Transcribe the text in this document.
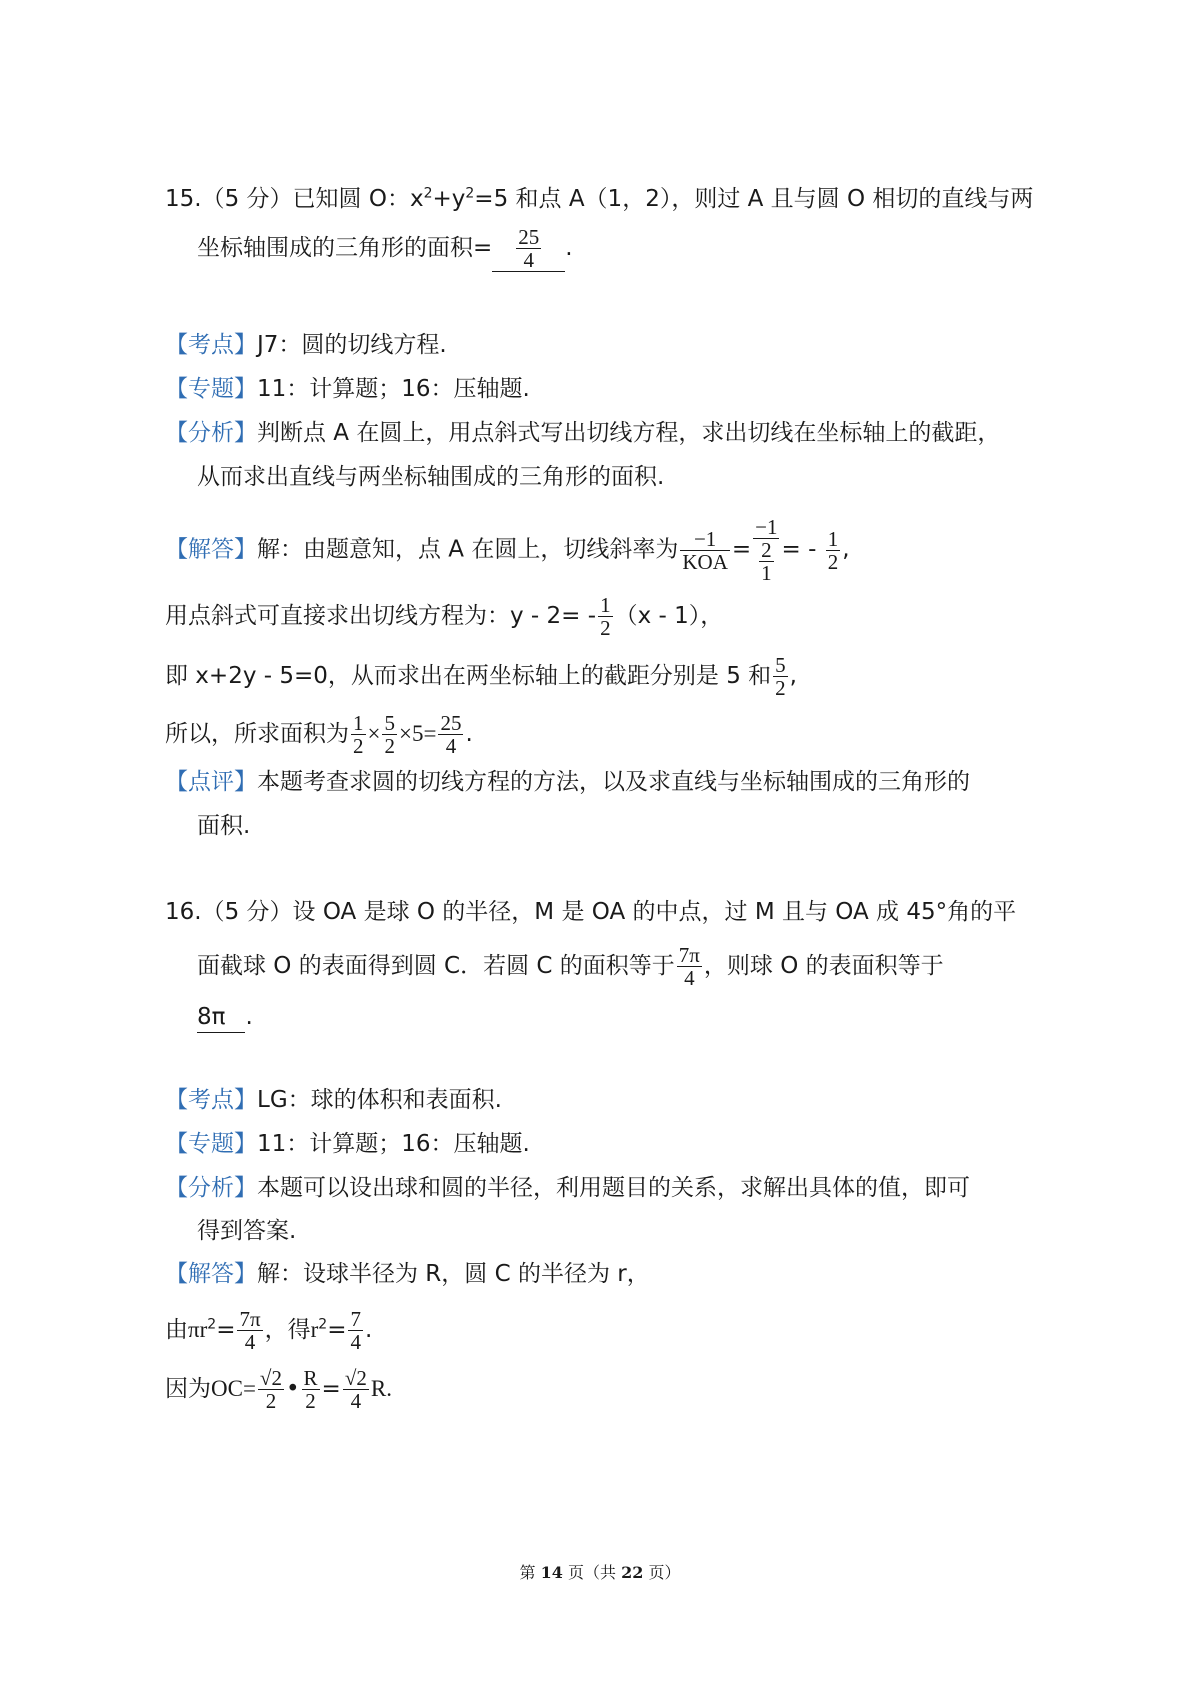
15.（5 分）已知圆 O：$x^2+y^2=5$ 和点 A（1，2），则过 A 且与圆 O 相切的直线与两
坐标轴围成的三角形的面积= $\frac{25}{4}$ .
【考点】J7：圆的切线方程.
【专题】11：计算题；16：压轴题.
【分析】判断点 A 在圆上，用点斜式写出切线方程，求出切线在坐标轴上的截距，
从而求出直线与两坐标轴围成的三角形的面积.
【解答】解：由题意知，点 A 在圆上，切线斜率为 $\frac{-1}{\text{KOA}} = \frac{-1}{\frac{2}{1}}$ = - $\frac{1}{2}$ ,
用点斜式可直接求出切线方程为：$y - 2= - \frac{1}{2} (x - 1)$，
即 x+2y - 5=0，从而求出在两坐标轴上的截距分别是 5 和 $\frac{5}{2}$ ,
所以，所求面积为 $\frac{1}{2} \times \frac{5}{2} \times 5= \frac{25}{4}$ .
【点评】本题考查求圆的切线方程的方法，以及求直线与坐标轴围成的三角形的
面积.
16.（5 分）设 OA 是球 O 的半径，M 是 OA 的中点，过 M 且与 OA 成 45°角的平
面截球 O 的表面得到圆 C．若圆 C 的面积等于 $\frac{7\pi}{4}$ ，则球 O 的表面积等于
8π .
【考点】LG：球的体积和表面积.
【专题】11：计算题；16：压轴题.
【分析】本题可以设出球和圆的半径，利用题目的关系，求解出具体的值，即可
得到答案.
【解答】解：设球半径为 R，圆 C 的半径为 r，
由$\pi r^2= \frac{7\pi}{4}$ ，得$r^2= \frac{7}{4}$ .
因为$OC= \frac{√2}{2}$ • $\frac{R}{2} = \frac{√2}{4} R$.
第 14 页（共 22 页）
